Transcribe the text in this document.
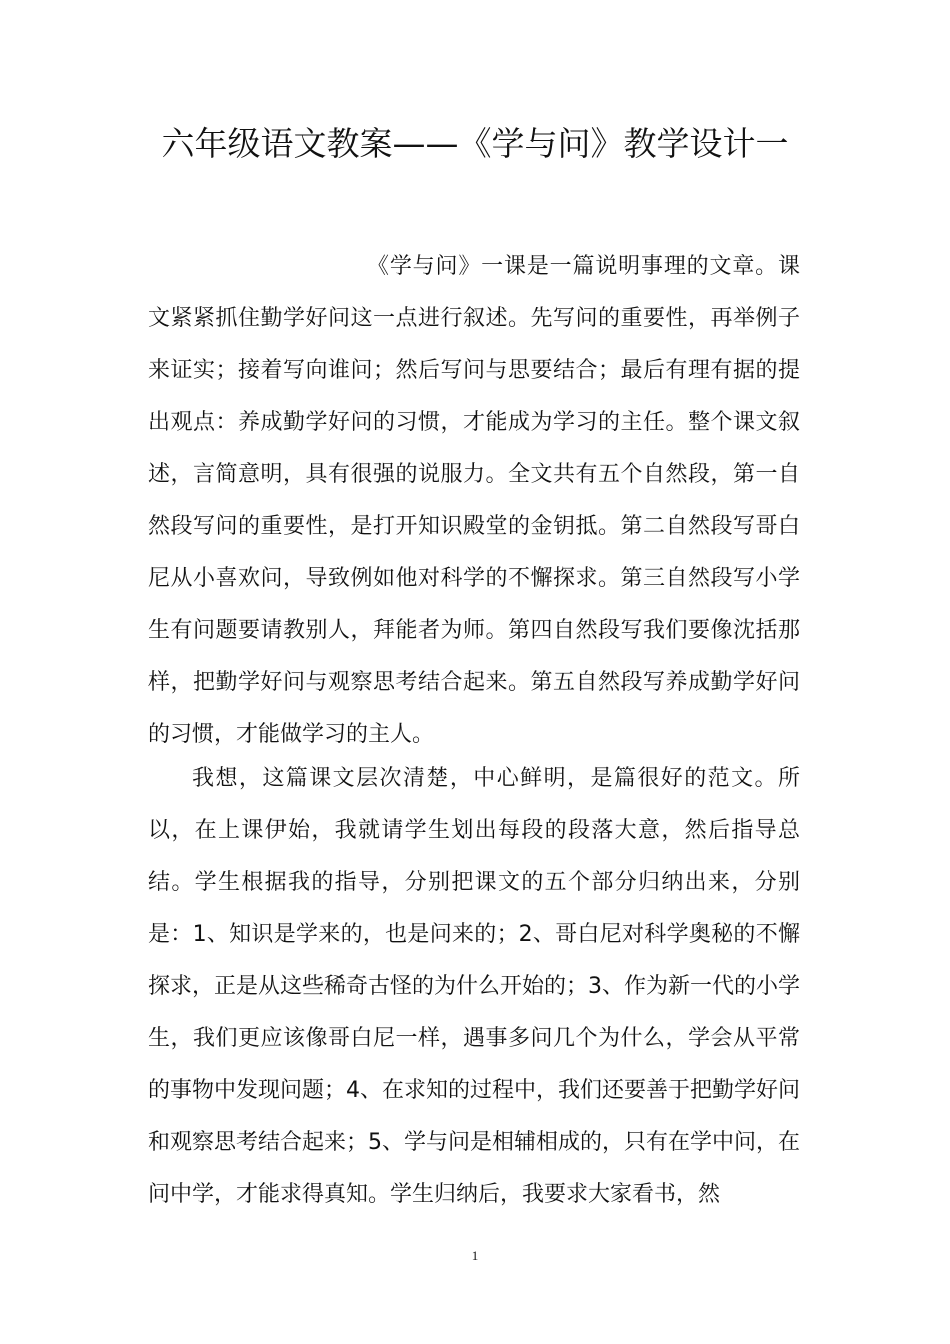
六年级语文教案——《学与问》教学设计一

《学与问》一课是一篇说明事理的文章。课文紧紧抓住勤学好问这一点进行叙述。先写问的重要性，再举例子来证实；接着写向谁问；然后写问与思要结合；最后有理有据的提出观点：养成勤学好问的习惯，才能成为学习的主任。整个课文叙述，言简意明，具有很强的说服力。全文共有五个自然段，第一自然段写问的重要性，是打开知识殿堂的金钥抵。第二自然段写哥白尼从小喜欢问，导致例如他对科学的不懈探求。第三自然段写小学生有问题要请教别人，拜能者为师。第四自然段写我们要像沈括那样，把勤学好问与观察思考结合起来。第五自然段写养成勤学好问的习惯，才能做学习的主人。

我想，这篇课文层次清楚，中心鲜明，是篇很好的范文。所以，在上课伊始，我就请学生划出每段的段落大意，然后指导总结。学生根据我的指导，分别把课文的五个部分归纳出来，分别是：1、知识是学来的，也是问来的；2、哥白尼对科学奥秘的不懈探求，正是从这些稀奇古怪的为什么开始的；3、作为新一代的小学生，我们更应该像哥白尼一样，遇事多问几个为什么，学会从平常的事物中发现问题；4、在求知的过程中，我们还要善于把勤学好问和观察思考结合起来；5、学与问是相辅相成的，只有在学中问，在问中学，才能求得真知。学生归纳后，我要求大家看书，然

1
